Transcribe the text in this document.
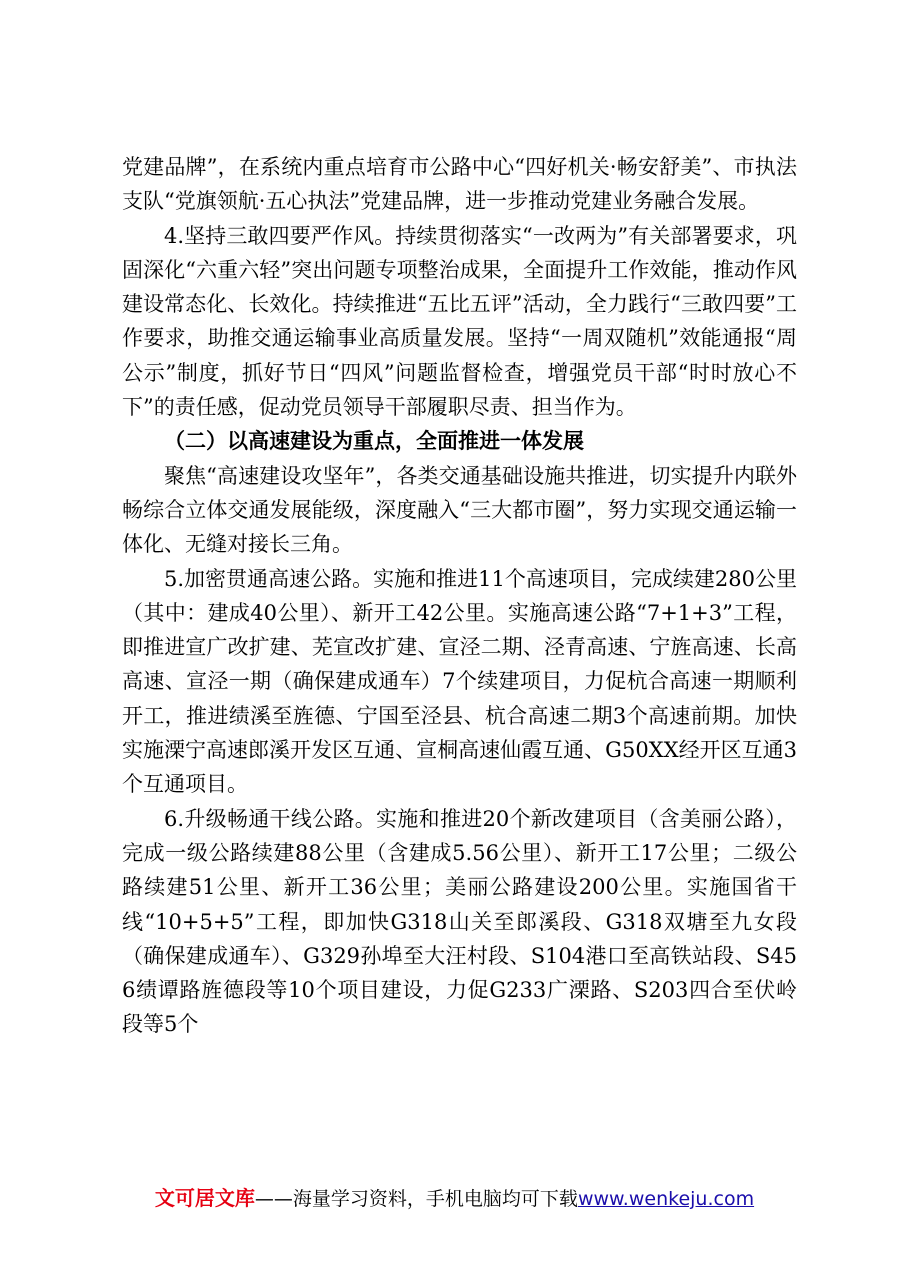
党建品牌”，在系统内重点培育市公路中心“四好机关·畅安舒美”、市执法支队“党旗领航·五心执法”党建品牌，进一步推动党建业务融合发展。

4.坚持三敢四要严作风。持续贯彻落实“一改两为”有关部署要求，巩固深化“六重六轻”突出问题专项整治成果，全面提升工作效能，推动作风建设常态化、长效化。持续推进“五比五评”活动，全力践行“三敢四要”工作要求，助推交通运输事业高质量发展。坚持“一周双随机”效能通报“周公示”制度，抓好节日“四风”问题监督检查，增强党员干部“时时放心不下”的责任感，促动党员领导干部履职尽责、担当作为。

（二）以高速建设为重点，全面推进一体发展

聚焦“高速建设攻坚年”，各类交通基础设施共推进，切实提升内联外畅综合立体交通发展能级，深度融入“三大都市圈”，努力实现交通运输一体化、无缝对接长三角。

5.加密贯通高速公路。实施和推进11个高速项目，完成续建280公里（其中：建成40公里）、新开工42公里。实施高速公路“7+1+3”工程，即推进宣广改扩建、芜宣改扩建、宣泾二期、泾青高速、宁旌高速、长高高速、宣泾一期（确保建成通车）7个续建项目，力促杭合高速一期顺利开工，推进绩溪至旌德、宁国至泾县、杭合高速二期3个高速前期。加快实施溧宁高速郎溪开发区互通、宣桐高速仙霞互通、G50XX经开区互通3个互通项目。

6.升级畅通干线公路。实施和推进20个新改建项目（含美丽公路），完成一级公路续建88公里（含建成5.56公里）、新开工17公里；二级公路续建51公里、新开工36公里；美丽公路建设200公里。实施国省干线“10+5+5”工程，即加快G318山关至郎溪段、G318双塘至九女段（确保建成通车）、G329孙埠至大汪村段、S104港口至高铁站段、S456绩谭路旌德段等10个项目建设，力促G233广溧路、S203四合至伏岭段等5个

文可居文库——海量学习资料，手机电脑均可下载www.wenkeju.com
